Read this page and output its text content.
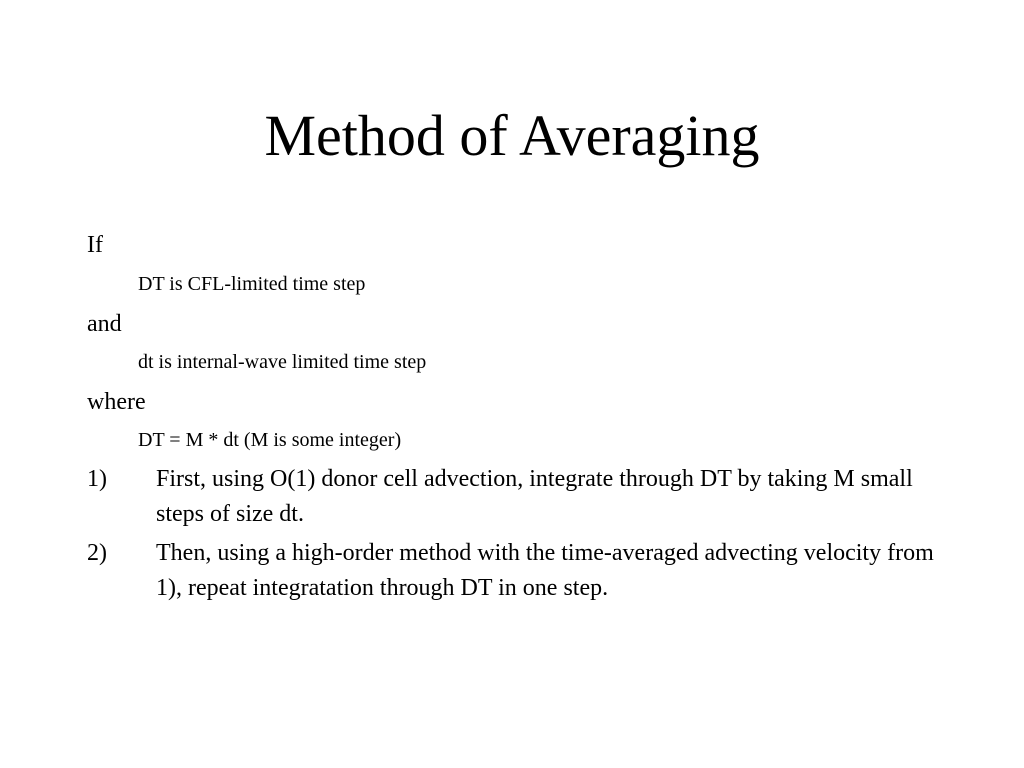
Method of Averaging
If
DT is CFL-limited time step
and
dt is internal-wave limited time step
where
DT = M * dt (M is some integer)
1) First, using O(1) donor cell advection, integrate through DT by taking M small steps of size dt.
2) Then, using a high-order method with the time-averaged advecting velocity from 1), repeat integratation through DT in one step.
